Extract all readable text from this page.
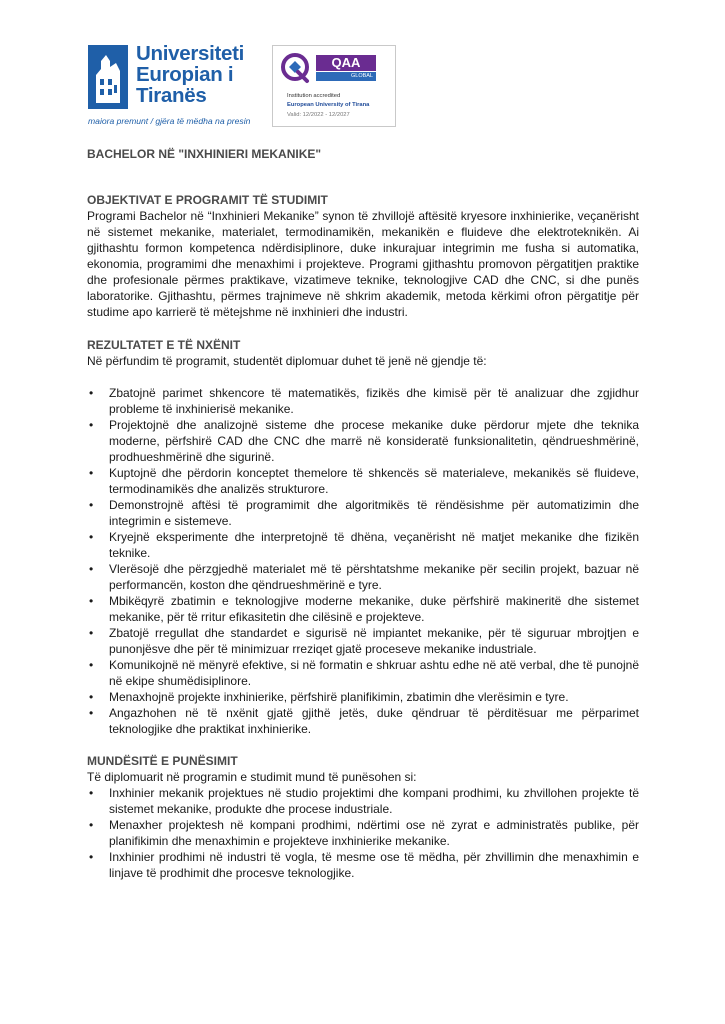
Universiteti
Europian i
Tiranës
maiora premunt / gjëra të mëdha na presin
QAA
GLOBAL
Institution accredited
European University of Tirana
Valid: 12/2022 - 12/2027
BACHELOR NË "INXHINIERI MEKANIKE"
OBJEKTIVAT E PROGRAMIT TË STUDIMIT

Programi Bachelor në “Inxhinieri Mekanike” synon të zhvillojë aftësitë kryesore inxhinierike, veçanërisht në sistemet mekanike, materialet, termodinamikën, mekanikën e fluideve dhe elektroteknikën. Ai gjithashtu formon kompetenca ndërdisiplinore, duke inkurajuar integrimin me fusha si automatika, ekonomia, programimi dhe menaxhimi i projekteve. Programi gjithashtu promovon përgatitjen praktike dhe profesionale përmes praktikave, vizatimeve teknike, teknologjive CAD dhe CNC, si dhe punës laboratorike. Gjithashtu, përmes trajnimeve në shkrim akademik, metoda kërkimi ofron përgatitje për studime apo karrierë të mëtejshme në inxhinieri dhe industri.

REZULTATET E TË NXËNIT

Në përfundim të programit, studentët diplomuar duhet të jenë në gjendje të:

• Zbatojnë parimet shkencore të matematikës, fizikës dhe kimisë për të analizuar dhe zgjidhur probleme të inxhinierisë mekanike.
• Projektojnë dhe analizojnë sisteme dhe procese mekanike duke përdorur mjete dhe teknika moderne, përfshirë CAD dhe CNC dhe marrë në konsideratë funksionalitetin, qëndrueshmërinë, prodhueshmërinë dhe sigurinë.
• Kuptojnë dhe përdorin konceptet themelore të shkencës së materialeve, mekanikës së fluideve, termodinamikës dhe analizës strukturore.
• Demonstrojnë aftësi të programimit dhe algoritmikës të rëndësishme për automatizimin dhe integrimin e sistemeve.
• Kryejnë eksperimente dhe interpretojnë të dhëna, veçanërisht në matjet mekanike dhe fizikën teknike.
• Vlerësojë dhe përzgjedhë materialet më të përshtatshme mekanike për secilin projekt, bazuar në performancën, koston dhe qëndrueshmërinë e tyre.
• Mbikëqyrë zbatimin e teknologjive moderne mekanike, duke përfshirë makineritë dhe sistemet mekanike, për të rritur efikasitetin dhe cilësinë e projekteve.
• Zbatojë rregullat dhe standardet e sigurisë në impiantet mekanike, për të siguruar mbrojtjen e punonjësve dhe për të minimizuar rreziqet gjatë proceseve mekanike industriale.
• Komunikojnë në mënyrë efektive, si në formatin e shkruar ashtu edhe në atë verbal, dhe të punojnë në ekipe shumëdisiplinore.
• Menaxhojnë projekte inxhinierike, përfshirë planifikimin, zbatimin dhe vlerësimin e tyre.
• Angazhohen në të nxënit gjatë gjithë jetës, duke qëndruar të përditësuar me përparimet teknologjike dhe praktikat inxhinierike.
MUNDËSITË E PUNËSIMIT

Të diplomuarit në programin e studimit mund të punësohen si:

• Inxhinier mekanik projektues në studio projektimi dhe kompani prodhimi, ku zhvillohen projekte të sistemet mekanike, produkte dhe procese industriale.
• Menaxher projektesh në kompani prodhimi, ndërtimi ose në zyrat e administratës publike, për planifikimin dhe menaxhimin e projekteve inxhinierike mekanike.
• Inxhinier prodhimi në industri të vogla, të mesme ose të mëdha, për zhvillimin dhe menaxhimin e linjave të prodhimit dhe procesve teknologjike.
